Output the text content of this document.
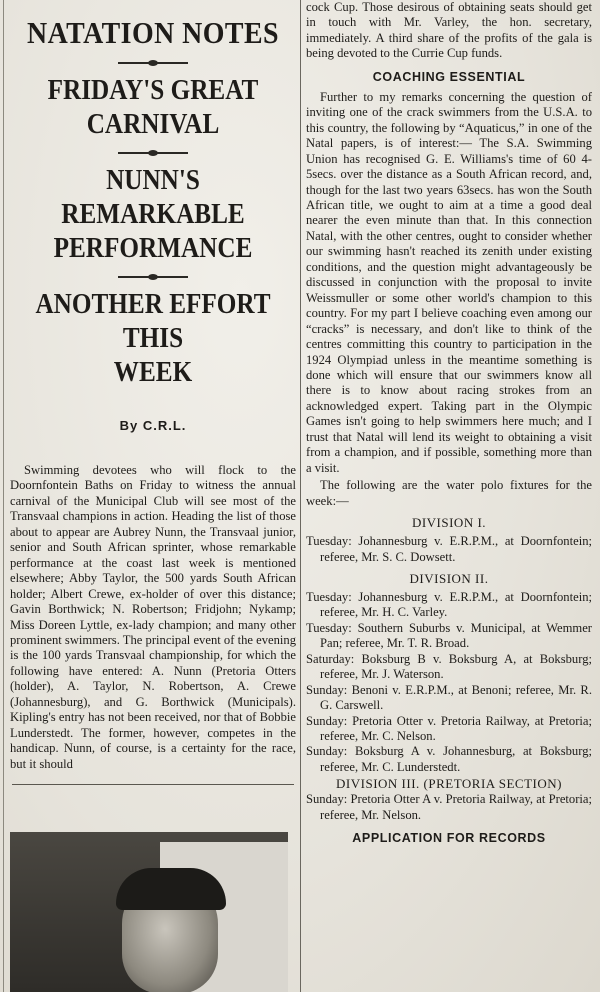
NATATION NOTES
FRIDAY'S GREAT
CARNIVAL
NUNN'S REMARKABLE
PERFORMANCE
ANOTHER EFFORT THIS
WEEK
By C.R.L.

Swimming devotees who will flock to the Doornfontein Baths on Friday to witness the annual carnival of the Municipal Club will see most of the Transvaal champions in action. Heading the list of those about to appear are Aubrey Nunn, the Transvaal junior, senior and South African sprinter, whose remarkable performance at the coast last week is mentioned elsewhere; Abby Taylor, the 500 yards South African holder; Albert Crewe, ex-holder of over this distance; Gavin Borthwick; N. Robertson; Fridjohn; Nykamp; Miss Doreen Lyttle, ex-lady champion; and many other prominent swimmers. The principal event of the evening is the 100 yards Transvaal championship, for which the following have entered: A. Nunn (Pretoria Otters (holder), A. Taylor, N. Robertson, A. Crewe (Johannesburg), and G. Borthwick (Municipals). Kipling's entry has not been received, nor that of Bobbie Lunderstedt. The former, however, competes in the handicap. Nunn, of course, is a certainty for the race, but it should

cock Cup. Those desirous of obtaining seats should get in touch with Mr. Varley, the hon. secretary, immediately. A third share of the profits of the gala is being devoted to the Currie Cup funds.

COACHING ESSENTIAL

Further to my remarks concerning the question of inviting one of the crack swimmers from the U.S.A. to this country, the following by “Aquaticus,” in one of the Natal papers, is of interest:— The S.A. Swimming Union has recognised G. E. Williams's time of 60 4-5secs. over the distance as a South African record, and, though for the last two years 63secs. has won the South African title, we ought to aim at a time a good deal nearer the even minute than that. In this connection Natal, with the other centres, ought to consider whether our swimming hasn't reached its zenith under existing conditions, and the question might advantageously be discussed in conjunction with the proposal to invite Weissmuller or some other world's champion to this country. For my part I believe coaching even among our “cracks” is necessary, and don't like to think of the centres committing this country to participation in the 1924 Olympiad unless in the meantime something is done which will ensure that our swimmers know all there is to know about racing strokes from an acknowledged expert. Taking part in the Olympic Games isn't going to help swimmers here much; and I trust that Natal will lend its weight to obtaining a visit from a champion, and if possible, something more than a visit.

The following are the water polo fixtures for the week:—

DIVISION I.

Tuesday: Johannesburg v. E.R.P.M., at Doornfontein; referee, Mr. S. C. Dowsett.

DIVISION II.

Tuesday: Johannesburg v. E.R.P.M., at Doornfontein; referee, Mr. H. C. Varley.

Tuesday: Southern Suburbs v. Municipal, at Wemmer Pan; referee, Mr. T. R. Broad.

Saturday: Boksburg B v. Boksburg A, at Boksburg; referee, Mr. J. Waterson.

Sunday: Benoni v. E.R.P.M., at Benoni; referee, Mr. R. G. Carswell.

Sunday: Pretoria Otter v. Pretoria Railway, at Pretoria; referee, Mr. C. Nelson.

Sunday: Boksburg A v. Johannesburg, at Boksburg; referee, Mr. C. Lunderstedt.

DIVISION III. (PRETORIA SECTION)

Sunday: Pretoria Otter A v. Pretoria Railway, at Pretoria; referee, Mr. Nelson.

APPLICATION FOR RECORDS
